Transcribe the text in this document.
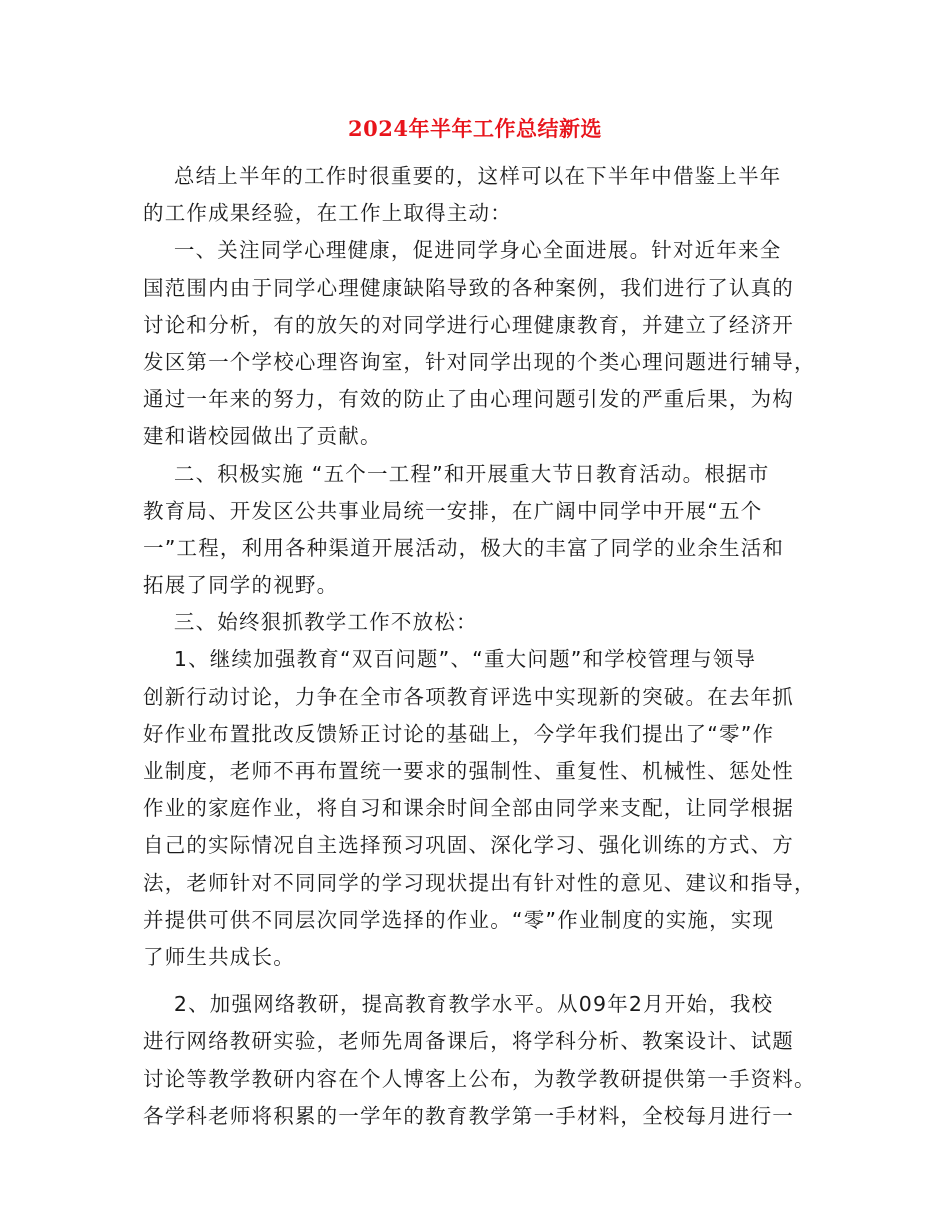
2024年半年工作总结新选
总结上半年的工作时很重要的，这样可以在下半年中借鉴上半年
的工作成果经验，在工作上取得主动：
一、关注同学心理健康，促进同学身心全面进展。针对近年来全
国范围内由于同学心理健康缺陷导致的各种案例，我们进行了认真的
讨论和分析，有的放矢的对同学进行心理健康教育，并建立了经济开
发区第一个学校心理咨询室，针对同学出现的个类心理问题进行辅导，
通过一年来的努力，有效的防止了由心理问题引发的严重后果，为构
建和谐校园做出了贡献。
二、积极实施 “五个一工程”和开展重大节日教育活动。根据市
教育局、开发区公共事业局统一安排，在广阔中同学中开展“五个
一”工程，利用各种渠道开展活动，极大的丰富了同学的业余生活和
拓展了同学的视野。
三、始终狠抓教学工作不放松：
1、继续加强教育“双百问题”、“重大问题”和学校管理与领导
创新行动讨论，力争在全市各项教育评选中实现新的突破。在去年抓
好作业布置批改反馈矫正讨论的基础上，今学年我们提出了“零”作
业制度，老师不再布置统一要求的强制性、重复性、机械性、惩处性
作业的家庭作业，将自习和课余时间全部由同学来支配，让同学根据
自己的实际情况自主选择预习巩固、深化学习、强化训练的方式、方
法，老师针对不同同学的学习现状提出有针对性的意见、建议和指导，
并提供可供不同层次同学选择的作业。“零”作业制度的实施，实现
了师生共成长。
2、加强网络教研，提高教育教学水平。从09年2月开始，我校
进行网络教研实验，老师先周备课后，将学科分析、教案设计、试题
讨论等教学教研内容在个人博客上公布，为教学教研提供第一手资料。
各学科老师将积累的一学年的教育教学第一手材料，全校每月进行一
